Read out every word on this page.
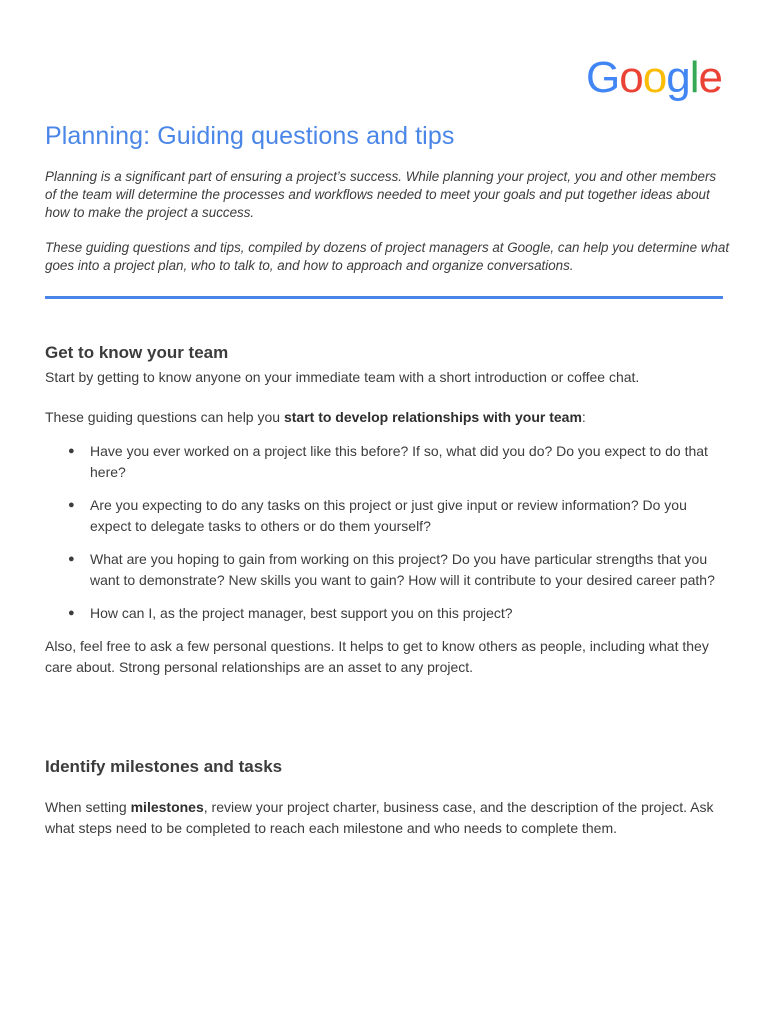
Google
Planning: Guiding questions and tips

Planning is a significant part of ensuring a project’s success. While planning your project, you and other members of the team will determine the processes and workflows needed to meet your goals and put together ideas about how to make the project a success.

These guiding questions and tips, compiled by dozens of project managers at Google, can help you determine what goes into a project plan, who to talk to, and how to approach and organize conversations.

Get to know your team

Start by getting to know anyone on your immediate team with a short introduction or coffee chat.

These guiding questions can help you start to develop relationships with your team:

● Have you ever worked on a project like this before? If so, what did you do? Do you expect to do that here?
● Are you expecting to do any tasks on this project or just give input or review information? Do you expect to delegate tasks to others or do them yourself?
● What are you hoping to gain from working on this project? Do you have particular strengths that you want to demonstrate? New skills you want to gain? How will it contribute to your desired career path?
● How can I, as the project manager, best support you on this project?

Also, feel free to ask a few personal questions. It helps to get to know others as people, including what they care about. Strong personal relationships are an asset to any project.

Identify milestones and tasks

When setting milestones, review your project charter, business case, and the description of the project. Ask what steps need to be completed to reach each milestone and who needs to complete them.
